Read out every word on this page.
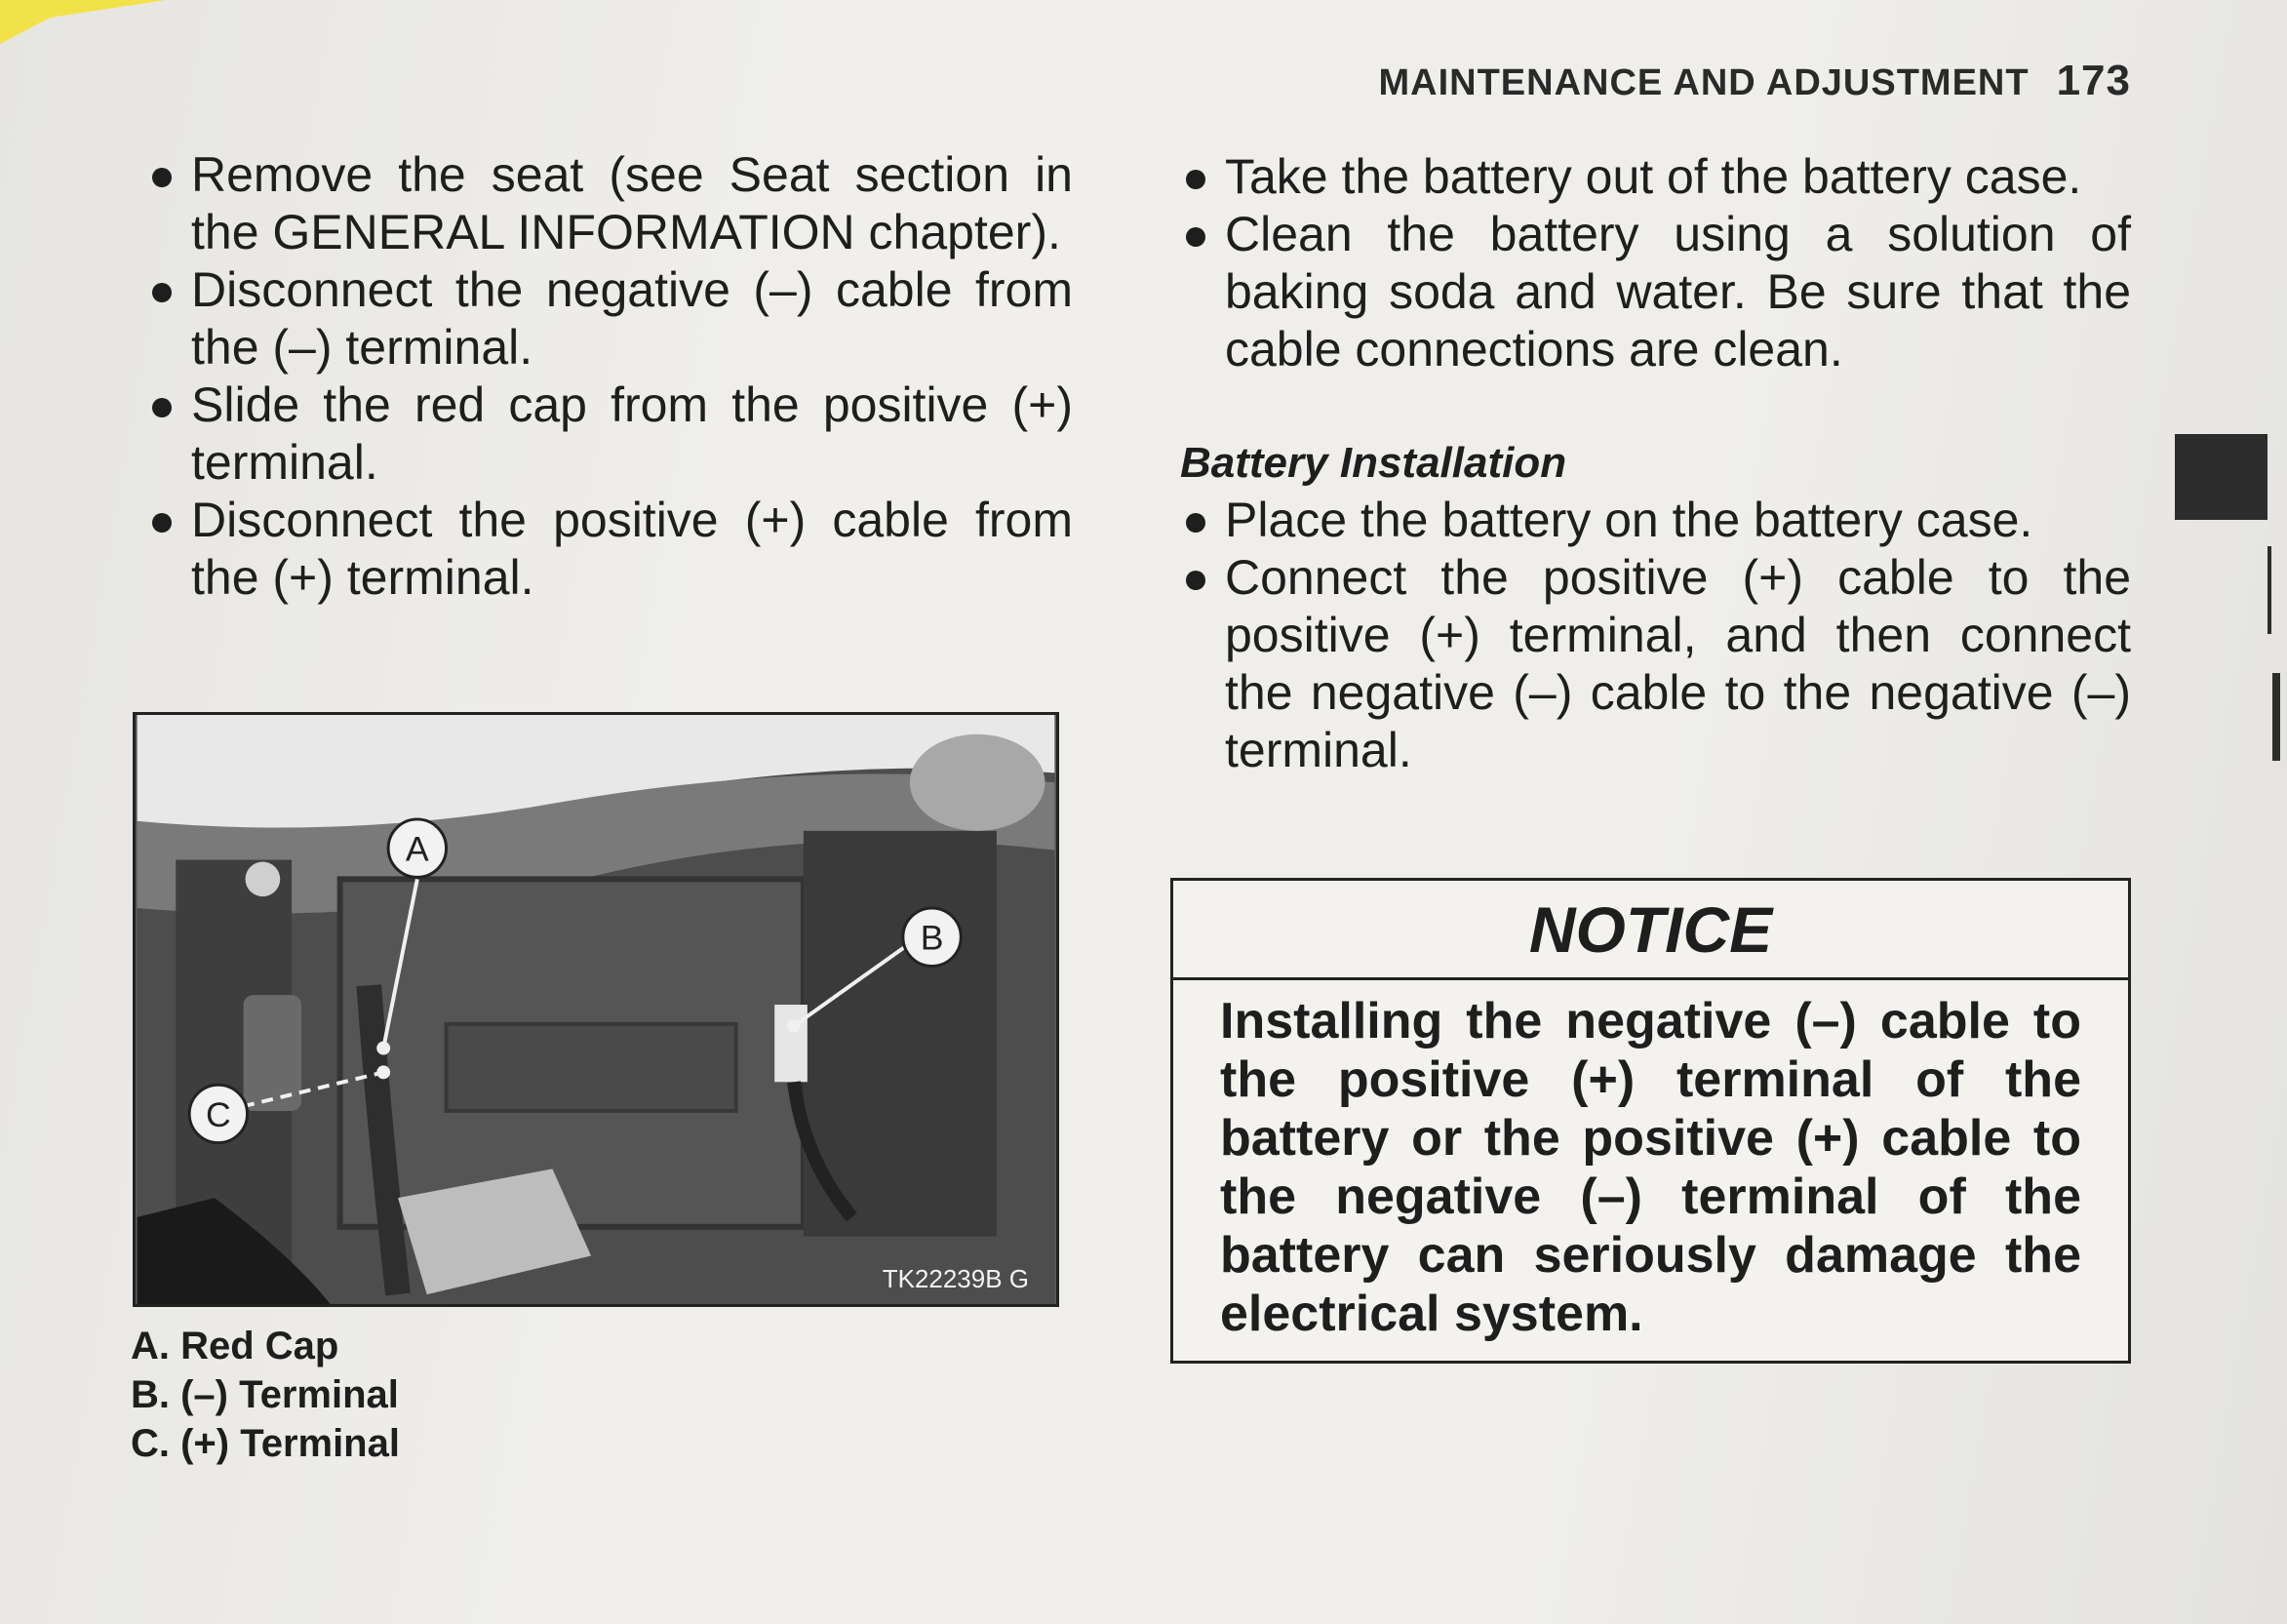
MAINTENANCE AND ADJUSTMENT 173
Remove the seat (see Seat section in the GENERAL INFORMATION chapter).
Disconnect the negative (–) cable from the (–) terminal.
Slide the red cap from the positive (+) terminal.
Disconnect the positive (+) cable from the (+) terminal.
A
B
C
TK22239B G
A. Red Cap
B. (–) Terminal
C. (+) Terminal
Take the battery out of the battery case.
Clean the battery using a solution of baking soda and water. Be sure that the cable connections are clean.
Battery Installation
Place the battery on the battery case.
Connect the positive (+) cable to the positive (+) terminal, and then connect the negative (–) cable to the negative (–) terminal.
NOTICE
Installing the negative (–) cable to the positive (+) terminal of the battery or the positive (+) cable to the negative (–) terminal of the battery can seriously damage the electrical system.
